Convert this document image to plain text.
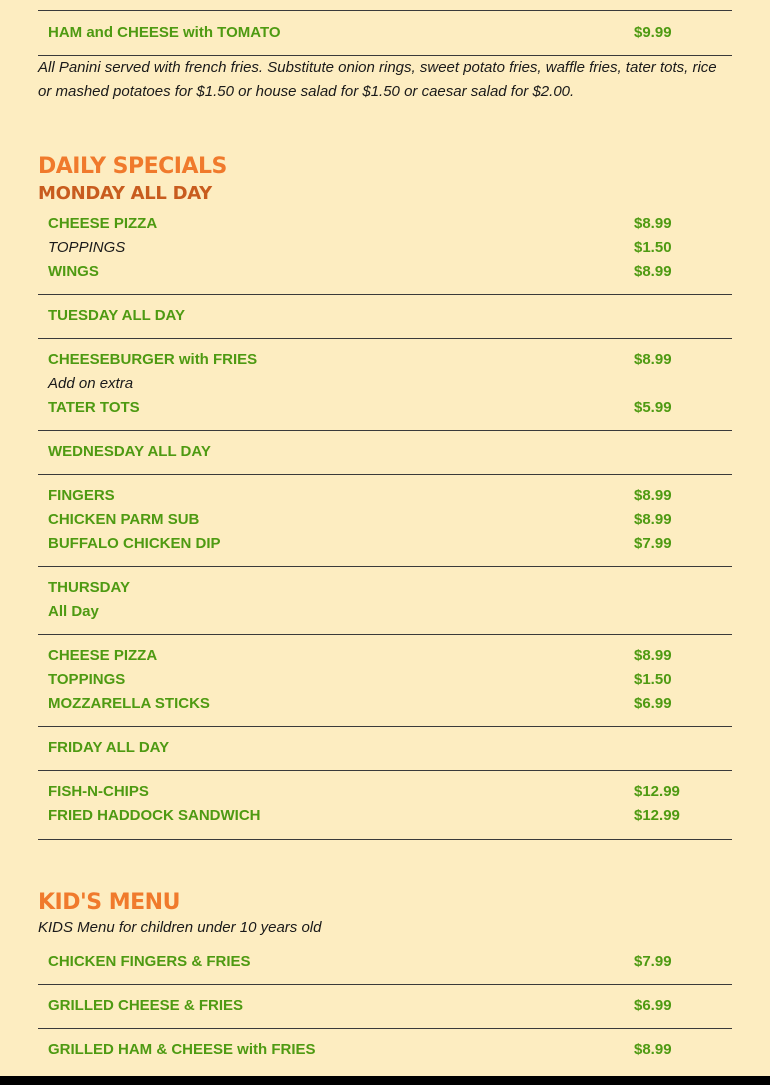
HAM and CHEESE with TOMATO	$9.99
All Panini served with french fries. Substitute onion rings, sweet potato fries, waffle fries, tater tots, rice or mashed potatoes for $1.50 or house salad for $1.50 or caesar salad for $2.00.
DAILY SPECIALS
MONDAY ALL DAY
CHEESE PIZZA	$8.99
TOPPINGS	$1.50
WINGS	$8.99
TUESDAY ALL DAY
CHEESEBURGER with FRIES	$8.99
Add on extra
TATER TOTS	$5.99
WEDNESDAY ALL DAY
FINGERS	$8.99
CHICKEN PARM SUB	$8.99
BUFFALO CHICKEN DIP	$7.99
THURSDAY
All Day
CHEESE PIZZA	$8.99
TOPPINGS	$1.50
MOZZARELLA STICKS	$6.99
FRIDAY ALL DAY
FISH-N-CHIPS	$12.99
FRIED HADDOCK SANDWICH	$12.99
KID'S MENU
KIDS Menu for children under 10 years old
CHICKEN FINGERS & FRIES	$7.99
GRILLED CHEESE & FRIES	$6.99
GRILLED HAM & CHEESE with FRIES	$8.99
